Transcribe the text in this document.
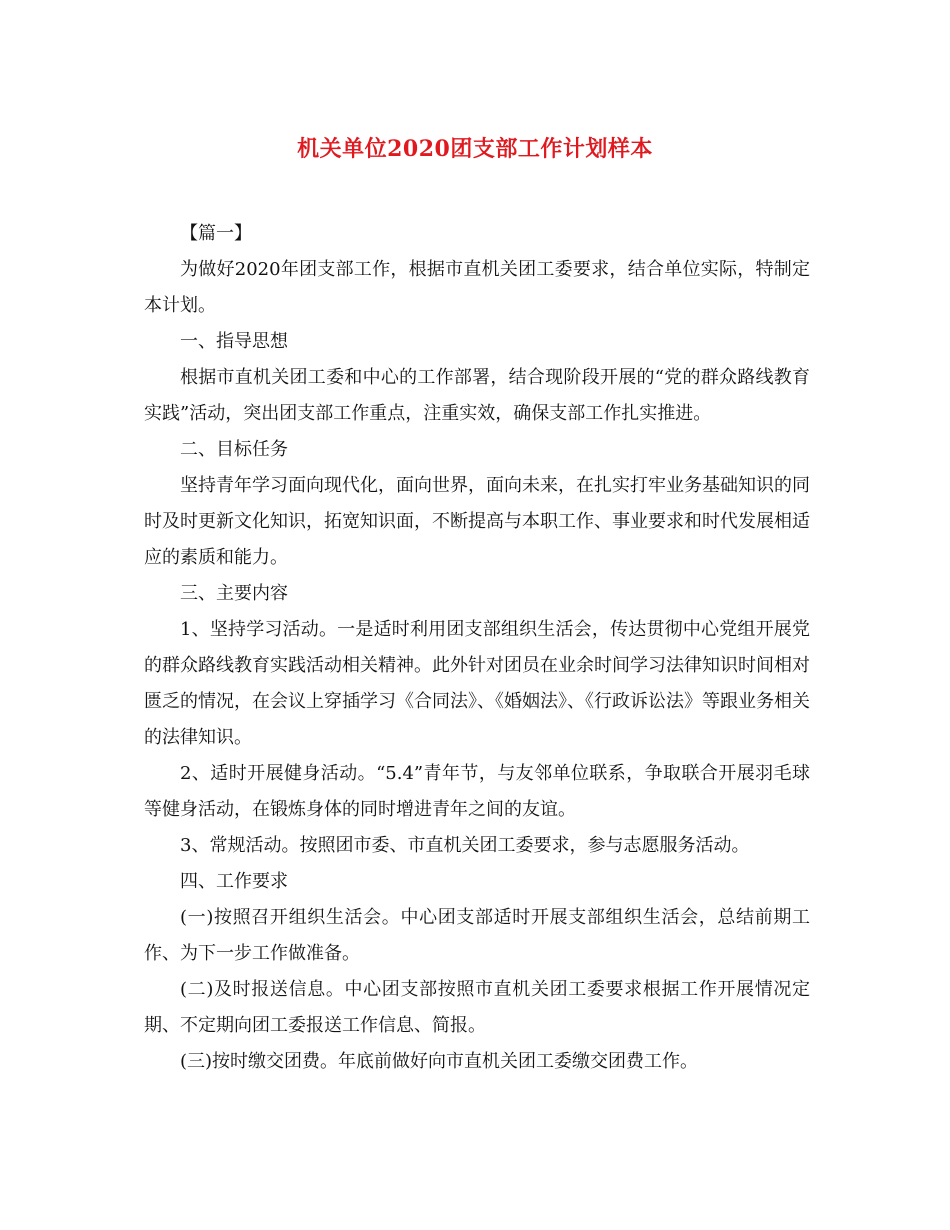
机关单位2020团支部工作计划样本

【篇一】

为做好2020年团支部工作，根据市直机关团工委要求，结合单位实际，特制定本计划。

一、指导思想

根据市直机关团工委和中心的工作部署，结合现阶段开展的“党的群众路线教育实践”活动，突出团支部工作重点，注重实效，确保支部工作扎实推进。

二、目标任务

坚持青年学习面向现代化，面向世界，面向未来，在扎实打牢业务基础知识的同时及时更新文化知识，拓宽知识面，不断提高与本职工作、事业要求和时代发展相适应的素质和能力。

三、主要内容

1、坚持学习活动。一是适时利用团支部组织生活会，传达贯彻中心党组开展党的群众路线教育实践活动相关精神。此外针对团员在业余时间学习法律知识时间相对匮乏的情况，在会议上穿插学习《合同法》、《婚姻法》、《行政诉讼法》等跟业务相关的法律知识。

2、适时开展健身活动。“5.4”青年节，与友邻单位联系，争取联合开展羽毛球等健身活动，在锻炼身体的同时增进青年之间的友谊。

3、常规活动。按照团市委、市直机关团工委要求，参与志愿服务活动。

四、工作要求

(一)按照召开组织生活会。中心团支部适时开展支部组织生活会，总结前期工作、为下一步工作做准备。

(二)及时报送信息。中心团支部按照市直机关团工委要求根据工作开展情况定期、不定期向团工委报送工作信息、简报。

(三)按时缴交团费。年底前做好向市直机关团工委缴交团费工作。
